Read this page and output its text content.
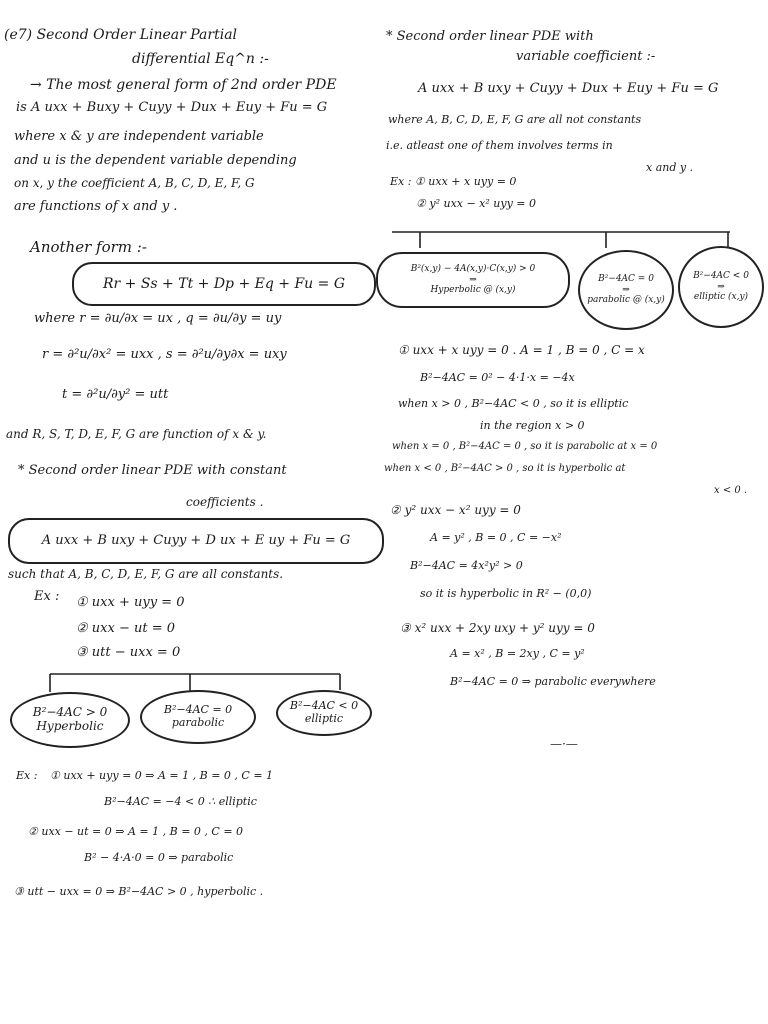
(e7) Second Order Linear Partial
differential Eq^n :-
→ The most general form of 2nd order PDE
is A uxx + Buxy + Cuyy + Dux + Euy + Fu = G
where x & y are independent variable
and u is the dependent variable depending
on x, y the coefficient A, B, C, D, E, F, G
are functions of x and y .
Another form :-
Rr + Ss + Tt + Dp + Eq + Fu = G
where r = ∂u/∂x = ux , q = ∂u/∂y = uy
r = ∂²u/∂x² = uxx , s = ∂²u/∂y∂x = uxy
t = ∂²u/∂y² = utt
and R, S, T, D, E, F, G are function of x & y.
* Second order linear PDE with constant
coefficients .
A uxx + B uxy + Cuyy + D ux + E uy + Fu = G
such that A, B, C, D, E, F, G are all constants.
Ex : ① uxx + uyy = 0
② uxx − ut = 0
③ utt − uxx = 0
B²−4AC > 0
Hyperbolic
B²−4AC = 0
parabolic
B²−4AC < 0
elliptic
Ex : ① uxx + uyy = 0 ⇒ A = 1 , B = 0 , C = 1
B²−4AC = −4 < 0 ∴ elliptic
② uxx − ut = 0 ⇒ A = 1 , B = 0 , C = 0
B² − 4·A·0 = 0 ⇒ parabolic
③ utt − uxx = 0 ⇒ B²−4AC > 0 , hyperbolic .
* Second order linear PDE with
variable coefficient :-
A uxx + B uxy + Cuyy + Dux + Euy + Fu = G
where A, B, C, D, E, F, G are all not constants
i.e. atleast one of them involves terms in
x and y .
Ex : ① uxx + x uyy = 0
② y² uxx − x² uyy = 0
B²(x,y) − 4A(x,y)·C(x,y) > 0
⇒
Hyperbolic @ (x,y)
B²−4AC = 0
⇒
parabolic @ (x,y)
B²−4AC < 0
⇒
elliptic (x,y)
① uxx + x uyy = 0 . A = 1 , B = 0 , C = x
B²−4AC = 0² − 4·1·x = −4x
when x > 0 , B²−4AC < 0 , so it is elliptic
in the region x > 0
when x = 0 , B²−4AC = 0 , so it is parabolic at x = 0
when x < 0 , B²−4AC > 0 , so it is hyperbolic at
x < 0 .
② y² uxx − x² uyy = 0
A = y² , B = 0 , C = −x²
B²−4AC = 4x²y² > 0
so it is hyperbolic in R² − (0,0)
③ x² uxx + 2xy uxy + y² uyy = 0
A = x² , B = 2xy , C = y²
B²−4AC = 0 ⇒ parabolic everywhere
—·—
